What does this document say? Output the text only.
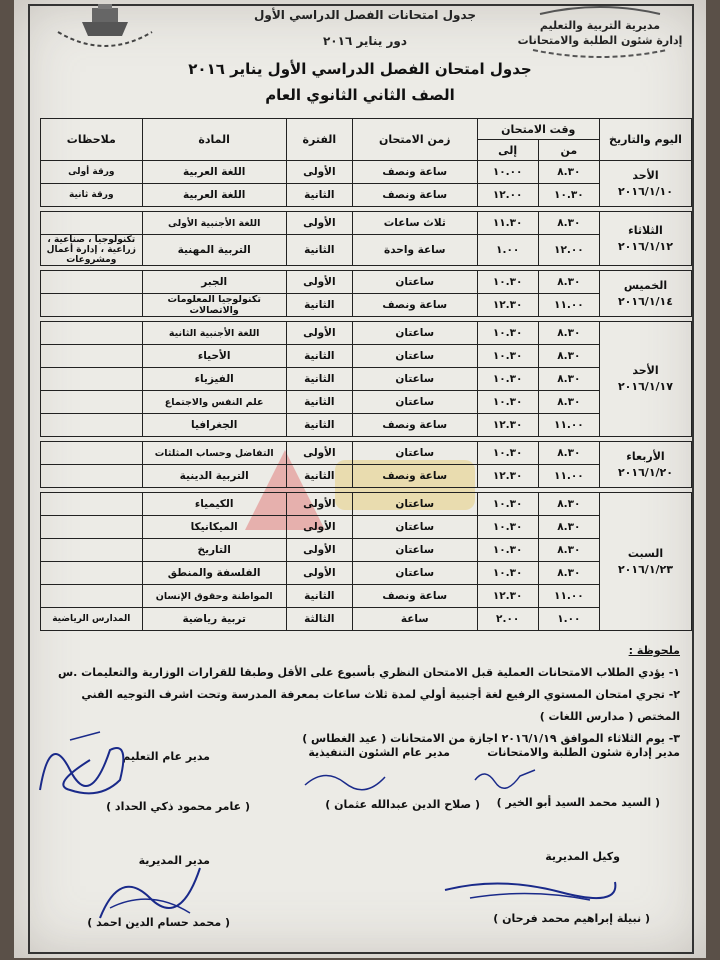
مديرية التربية والتعليم
إدارة شئون الطلبة والامتحانات
جدول امتحانات الفصل الدراسي الأول
دور يناير ٢٠١٦
جدول امتحان الفصل الدراسي الأول يناير ٢٠١٦
الصف الثاني الثانوي العام
اليوم والتاريخ	وقت الامتحان		زمن الامتحان	الفترة	المادة	ملاحظات
	من	إلى				

الأحد
٢٠١٦/١/١٠	٨.٣٠	١٠.٠٠	ساعة ونصف	الأولى	اللغة العربية	ورقة أولى
	١٠.٣٠	١٢.٠٠	ساعة ونصف	الثانية	اللغة العربية	ورقة ثانية

الثلاثاء
٢٠١٦/١/١٢	٨.٣٠	١١.٣٠	ثلاث ساعات	الأولى	اللغة الأجنبية الأولى	
	١٢.٠٠	١.٠٠	ساعة واحدة	الثانية	التربية المهنية	تكنولوجيا ، صناعية ، زراعية ، إدارة أعمال ومشروعات

الخميس
٢٠١٦/١/١٤	٨.٣٠	١٠.٣٠	ساعتان	الأولى	الجبر	
	١١.٠٠	١٢.٣٠	ساعة ونصف	الثانية	تكنولوجيا المعلومات والاتصالات	

الأحد
٢٠١٦/١/١٧	٨.٣٠	١٠.٣٠	ساعتان	الأولى	اللغة الأجنبية الثانية	
	٨.٣٠	١٠.٣٠	ساعتان	الثانية	الأحياء	
	٨.٣٠	١٠.٣٠	ساعتان	الثانية	الفيزياء	
	٨.٣٠	١٠.٣٠	ساعتان	الثانية	علم النفس والاجتماع	
	١١.٠٠	١٢.٣٠	ساعة ونصف	الثانية	الجغرافيا	

الأربعاء
٢٠١٦/١/٢٠	٨.٣٠	١٠.٣٠	ساعتان	الأولى	التفاضل وحساب المثلثات	
	١١.٠٠	١٢.٣٠	ساعة ونصف	الثانية	التربية الدينية	

السبت
٢٠١٦/١/٢٣	٨.٣٠	١٠.٣٠	ساعتان	الأولى	الكيمياء	
	٨.٣٠	١٠.٣٠	ساعتان	الأولى	الميكانيكا	
	٨.٣٠	١٠.٣٠	ساعتان	الأولى	التاريخ	
	٨.٣٠	١٠.٣٠	ساعتان	الأولى	الفلسفة والمنطق	
	١١.٠٠	١٢.٣٠	ساعة ونصف	الثانية	المواطنة وحقوق الإنسان	
	١.٠٠	٢.٠٠	ساعة	الثالثة	تربية رياضية	المدارس الرياضية
ملحوظة :
١- يؤدي الطلاب الامتحانات العملية قبل الامتحان النظري بأسبوع على الأقل وطبقا للقرارات الوزارية والتعليمات .س
٢- تجري امتحان المستوي الرفيع لغة أجنبية أولي لمدة ثلاث ساعات بمعرفة المدرسة وتحت اشرف التوجيه الفني
المختص ( مدارس اللغات )
٣- يوم الثلاثاء الموافق ٢٠١٦/١/١٩ اجازة من الامتحانات ( عيد الغطاس )
مدير إدارة شئون الطلبة والامتحانات
( السيد محمد السيد أبو الخير )
مدير عام الشئون التنفيذية
( صلاح الدين عبدالله عثمان )
مدير عام التعليم
( عامر محمود ذكي الحداد )
وكيل المديرية
( نبيلة إبراهيم محمد فرحان )
مدير المديرية
( محمد حسام الدين احمد )
